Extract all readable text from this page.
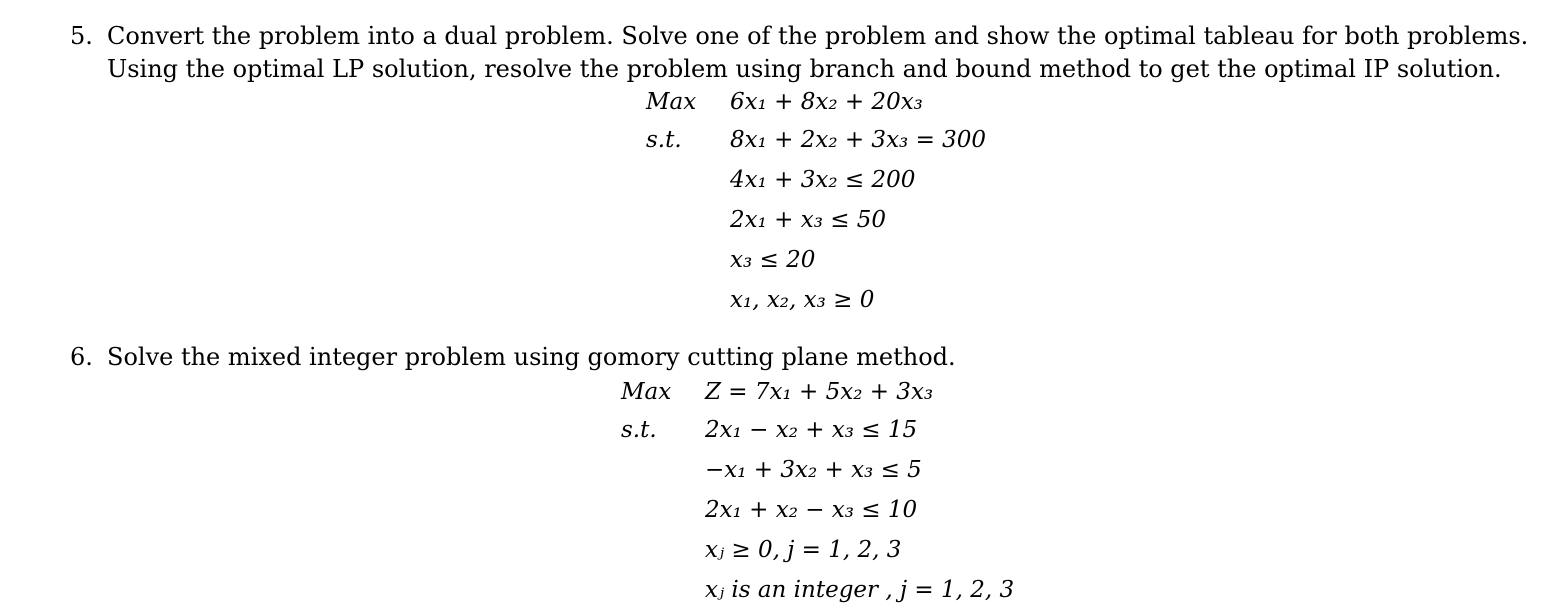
5. Convert the problem into a dual problem. Solve one of the problem and show the optimal tableau for both problems.

Using the optimal LP solution, resolve the problem using branch and bound method to get the optimal IP solution.

Max 6x₁ + 8x₂ + 20x₃
s.t. 8x₁ + 2x₂ + 3x₃ = 300
4x₁ + 3x₂ ≤ 200
2x₁ + x₃ ≤ 50
x₃ ≤ 20
x₁, x₂, x₃ ≥ 0

6. Solve the mixed integer problem using gomory cutting plane method.

Max Z = 7x₁ + 5x₂ + 3x₃
s.t. 2x₁ − x₂ + x₃ ≤ 15
−x₁ + 3x₂ + x₃ ≤ 5
2x₁ + x₂ − x₃ ≤ 10
xⱼ ≥ 0, j = 1, 2, 3
xⱼ is an integer , j = 1, 2, 3
